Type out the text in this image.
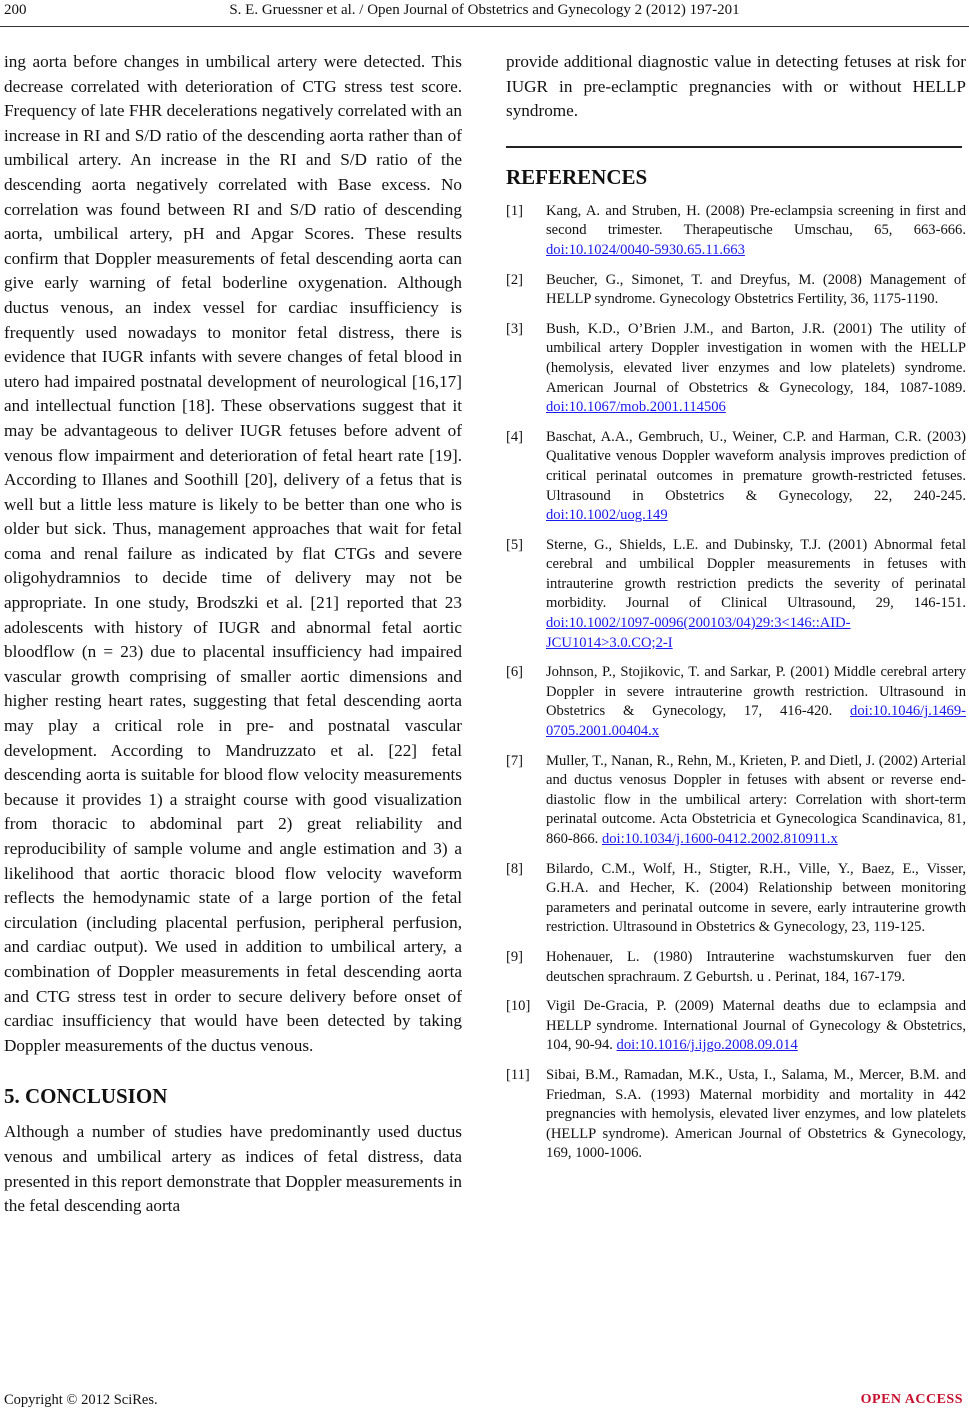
200	S. E. Gruessner et al. / Open Journal of Obstetrics and Gynecology 2 (2012) 197-201

ing aorta before changes in umbilical artery were detected. This decrease correlated with deterioration of CTG stress test score. Frequency of late FHR decelerations negatively correlated with an increase in RI and S/D ratio of the descending aorta rather than of umbilical artery. An increase in the RI and S/D ratio of the descending aorta negatively correlated with Base excess. No correlation was found between RI and S/D ratio of descending aorta, umbilical artery, pH and Apgar Scores. These results confirm that Doppler measurements of fetal descending aorta can give early warning of fetal boderline oxygenation. Although ductus venous, an index vessel for cardiac insufficiency is frequently used nowadays to monitor fetal distress, there is evidence that IUGR infants with severe changes of fetal blood in utero had impaired postnatal development of neurological [16,17] and intellectual function [18]. These observations suggest that it may be advantageous to deliver IUGR fetuses before advent of venous flow impairment and deterioration of fetal heart rate [19]. According to Illanes and Soothill [20], delivery of a fetus that is well but a little less mature is likely to be better than one who is older but sick. Thus, management approaches that wait for fetal coma and renal failure as indicated by flat CTGs and severe oligohydramnios to decide time of delivery may not be appropriate. In one study, Brodszki et al. [21] reported that 23 adolescents with history of IUGR and abnormal fetal aortic bloodflow (n = 23) due to placental insufficiency had impaired vascular growth comprising of smaller aortic dimensions and higher resting heart rates, suggesting that fetal descending aorta may play a critical role in pre- and postnatal vascular development. According to Mandruzzato et al. [22] fetal descending aorta is suitable for blood flow velocity measurements because it provides 1) a straight course with good visualization from thoracic to abdominal part 2) great reliability and reproducibility of sample volume and angle estimation and 3) a likelihood that aortic thoracic blood flow velocity waveform reflects the hemodynamic state of a large portion of the fetal circulation (including placental perfusion, peripheral perfusion, and cardiac output). We used in addition to umbilical artery, a combination of Doppler measurements in fetal descending aorta and CTG stress test in order to secure delivery before onset of cardiac insufficiency that would have been detected by taking Doppler measurements of the ductus venous.

5. CONCLUSION

Although a number of studies have predominantly used ductus venous and umbilical artery as indices of fetal distress, data presented in this report demonstrate that Doppler measurements in the fetal descending aorta

provide additional diagnostic value in detecting fetuses at risk for IUGR in pre-eclamptic pregnancies with or without HELLP syndrome.

REFERENCES
[1]	Kang, A. and Struben, H. (2008) Pre-eclampsia screening in first and second trimester. Therapeutische Umschau, 65, 663-666. doi:10.1024/0040-5930.65.11.663
[2]	Beucher, G., Simonet, T. and Dreyfus, M. (2008) Management of HELLP syndrome. Gynecology Obstetrics Fertility, 36, 1175-1190.
[3]	Bush, K.D., O’Brien J.M., and Barton, J.R. (2001) The utility of umbilical artery Doppler investigation in women with the HELLP (hemolysis, elevated liver enzymes and low platelets) syndrome. American Journal of Obstetrics & Gynecology, 184, 1087-1089. doi:10.1067/mob.2001.114506
[4]	Baschat, A.A., Gembruch, U., Weiner, C.P. and Harman, C.R. (2003) Qualitative venous Doppler waveform analysis improves prediction of critical perinatal outcomes in premature growth-restricted fetuses. Ultrasound in Obstetrics & Gynecology, 22, 240-245. doi:10.1002/uog.149
[5]	Sterne, G., Shields, L.E. and Dubinsky, T.J. (2001) Abnormal fetal cerebral and umbilical Doppler measurements in fetuses with intrauterine growth restriction predicts the severity of perinatal morbidity. Journal of Clinical Ultrasound, 29, 146-151. doi:10.1002/1097-0096(200103/04)29:3<146::AID-JCU1014>3.0.CO;2-I
[6]	Johnson, P., Stojikovic, T. and Sarkar, P. (2001) Middle cerebral artery Doppler in severe intrauterine growth restriction. Ultrasound in Obstetrics & Gynecology, 17, 416-420. doi:10.1046/j.1469-0705.2001.00404.x
[7]	Muller, T., Nanan, R., Rehn, M., Krieten, P. and Dietl, J. (2002) Arterial and ductus venosus Doppler in fetuses with absent or reverse end-diastolic flow in the umbilical artery: Correlation with short-term perinatal outcome. Acta Obstetricia et Gynecologica Scandinavica, 81, 860-866. doi:10.1034/j.1600-0412.2002.810911.x
[8]	Bilardo, C.M., Wolf, H., Stigter, R.H., Ville, Y., Baez, E., Visser, G.H.A. and Hecher, K. (2004) Relationship between monitoring parameters and perinatal outcome in severe, early intrauterine growth restriction. Ultrasound in Obstetrics & Gynecology, 23, 119-125.
[9]	Hohenauer, L. (1980) Intrauterine wachstumskurven fuer den deutschen sprachraum. Z Geburtsh. u . Perinat, 184, 167-179.
[10]	Vigil De-Gracia, P. (2009) Maternal deaths due to eclampsia and HELLP syndrome. International Journal of Gynecology & Obstetrics, 104, 90-94. doi:10.1016/j.ijgo.2008.09.014
[11]	Sibai, B.M., Ramadan, M.K., Usta, I., Salama, M., Mercer, B.M. and Friedman, S.A. (1993) Maternal morbidity and mortality in 442 pregnancies with hemolysis, elevated liver enzymes, and low platelets (HELLP syndrome). American Journal of Obstetrics & Gynecology, 169, 1000-1006.
Copyright © 2012 SciRes.	OPEN ACCESS
